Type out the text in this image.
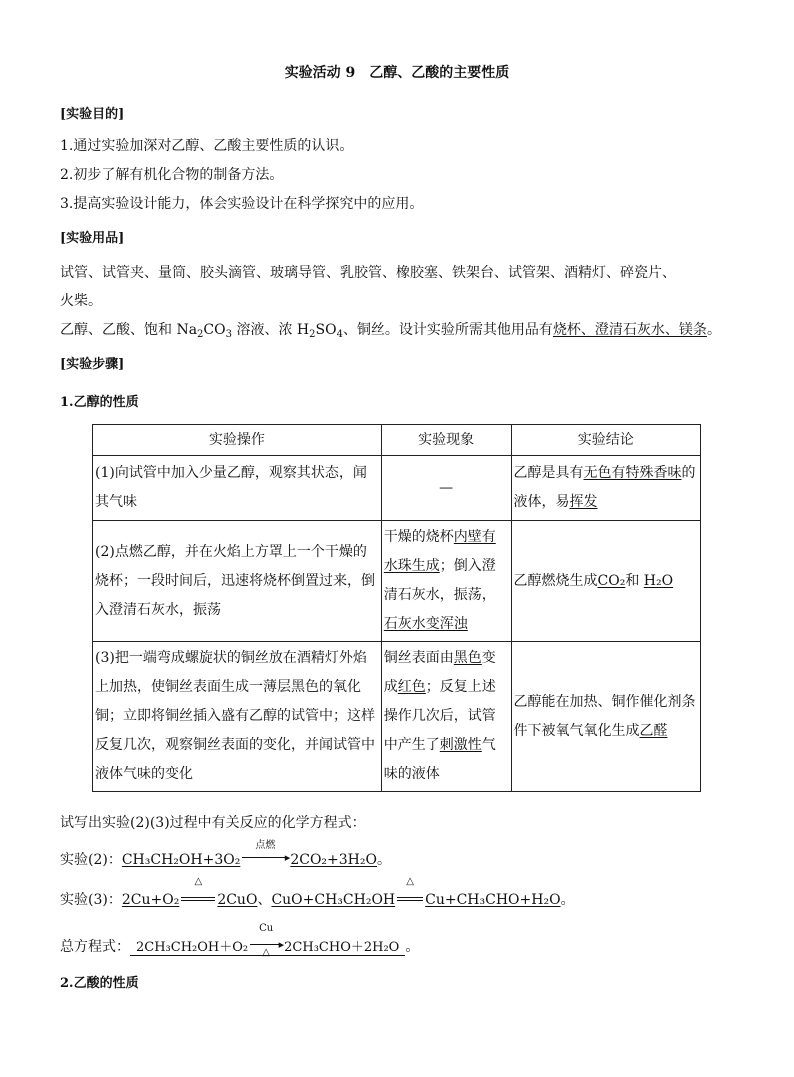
实验活动 9　乙醇、乙酸的主要性质
[实验目的]
1.通过实验加深对乙醇、乙酸主要性质的认识。
2.初步了解有机化合物的制备方法。
3.提高实验设计能力，体会实验设计在科学探究中的应用。
[实验用品]
试管、试管夹、量筒、胶头滴管、玻璃导管、乳胶管、橡胶塞、铁架台、试管架、酒精灯、碎瓷片、
火柴。
乙醇、乙酸、饱和 $Na_2CO_3$ 溶液、浓 $H_2SO_4$、铜丝。设计实验所需其他用品有烧杯、澄清石灰水、镁条。
[实验步骤]
1.乙醇的性质
实验操作	实验现象	实验结论
(1)向试管中加入少量乙醇，观察其状态，闻其气味	—	乙醇是具有无色有特殊香味的液体，易挥发
(2)点燃乙醇，并在火焰上方罩上一个干燥的烧杯；一段时间后，迅速将烧杯倒置过来，倒入澄清石灰水，振荡	干燥的烧杯内壁有水珠生成；倒入澄清石灰水，振荡，石灰水变浑浊	乙醇燃烧生成CO₂和 H₂O
(3)把一端弯成螺旋状的铜丝放在酒精灯外焰上加热，使铜丝表面生成一薄层黑色的氧化铜；立即将铜丝插入盛有乙醇的试管中；这样反复几次，观察铜丝表面的变化，并闻试管中液体气味的变化	铜丝表面由黑色变成红色；反复上述操作几次后，试管中产生了刺激性气味的液体	乙醇能在加热、铜作催化剂条件下被氧气氧化生成乙醛
试写出实验(2)(3)过程中有关反应的化学方程式：
实验(2)：CH₃CH₂OH+3O₂
点燃
▸ 2CO₂+3H₂O。
实验(3)：2Cu+O₂
△
2CuO、CuO+CH₃CH₂OH
△
Cu+CH₃CHO+H₂O。
总方程式： 2CH₃CH₂OH＋O₂
Cu
▸
△	2CH₃CHO＋2H₂O 。
2.乙酸的性质
